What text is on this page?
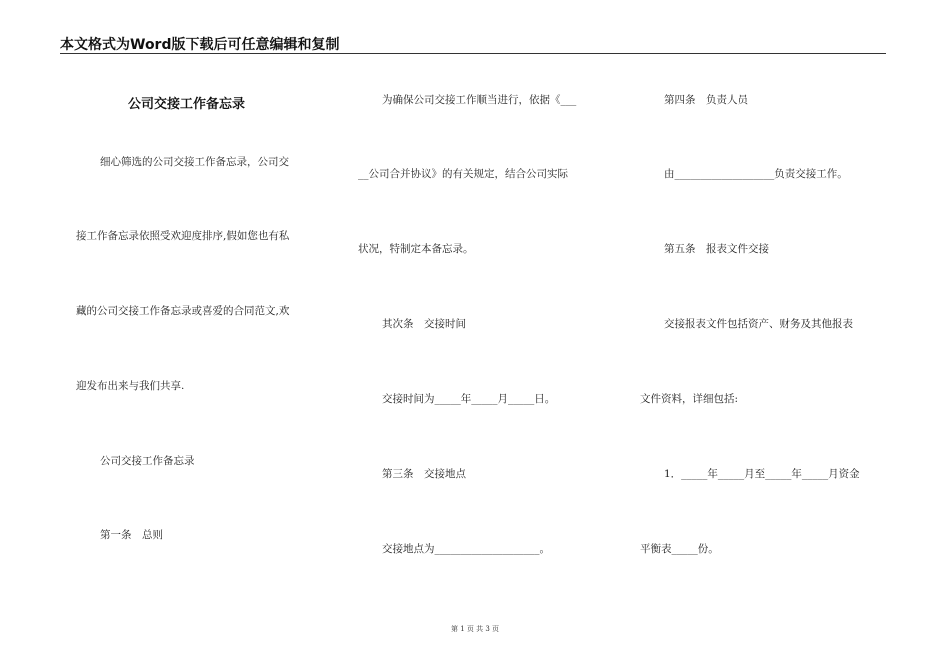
本文格式为Word版下载后可任意编辑和复制
公司交接工作备忘录
细心筛选的公司交接工作备忘录，公司交
接工作备忘录依照受欢迎度排序,假如您也有私
藏的公司交接工作备忘录或喜爱的合同范文,欢
迎发布出来与我们共享.
公司交接工作备忘录
第一条　总则
为确保公司交接工作顺当进行，依据《___
__公司合并协议》的有关规定，结合公司实际
状况，特制定本备忘录。
其次条　交接时间
交接时间为_____年_____月_____日。
第三条　交接地点
交接地点为____________________。
第四条　负责人员
由___________________负责交接工作。
第五条　报表文件交接
交接报表文件包括资产、财务及其他报表
文件资料，详细包括:
1．_____年_____月至_____年_____月资金
平衡表_____份。
第 1 页 共 3 页
